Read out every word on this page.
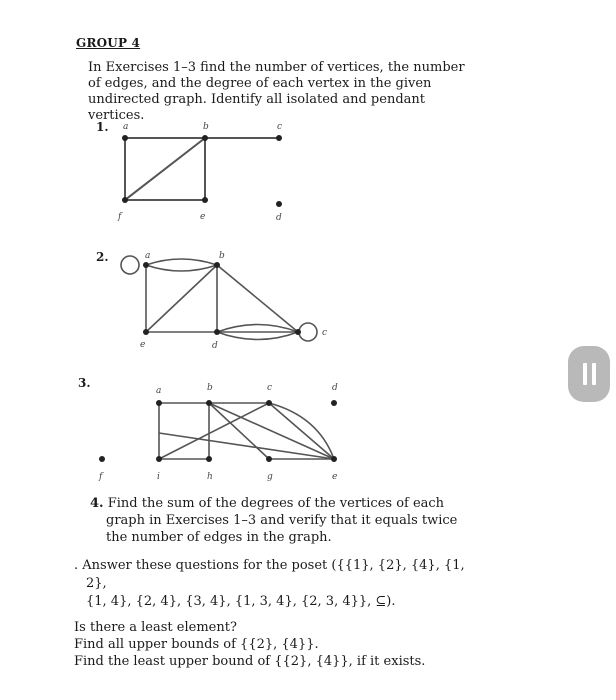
GROUP 4
In Exercises 1–3 find the number of vertices, the number of edges, and the degree of each vertex in the given undirected graph. Identify all isolated and pendant vertices.
1. a	b	c
d
e
f
2.	a	b
c
d
e
3.
a	b	c	d
e
f	g
h
i
4. Find the sum of the degrees of the vertices of each graph in Exercises 1–3 and verify that it equals twice the number of edges in the graph.
. Answer these questions for the poset ({{1}, {2}, {4}, {1, 2},
{1, 4}, {2, 4}, {3, 4}, {1, 3, 4}, {2, 3, 4}}, ⊆).
Is there a least element?
Find all upper bounds of {{2}, {4}}.
Find the least upper bound of {{2}, {4}}, if it exists.
